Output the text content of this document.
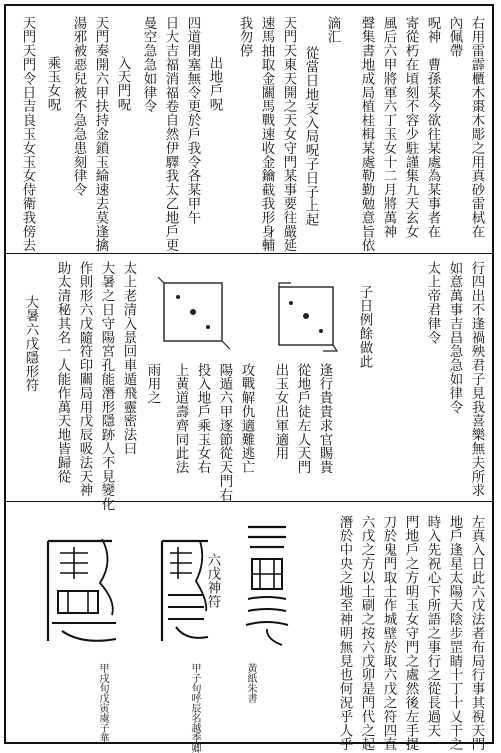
右用雷霹櫃木棗木彫之用真砂雷栻在
內佩帶
呪神　曹孫某今欲往某處為某事者在
寄從朽在頃刻不容少駐謹集九天玄女
風后六甲將軍六丁玉女十二月將萬神
聲集書地成局植桂楫某處勒勤勉意旨依
滴汇
從當日地支入局呪子日子上起
天門天東天開之天女守門某事要往嚴延
速馬抽取金關馬戰速收金鑰截我形身輔
我勿停
出地戶呪
四道閉塞無令更於戶我令各某甲午
日大吉福消福卷自然伊驛我太乙地戶更
曼空急急如律令
入天門呪
天門奏開六甲扶持金鎖玉綸速去莫逢擒
湯邪被惡兒被不急急患刻律令
乘玉女呪
天門天門令日吉良玉女玉女侍衛我傍去
行四出不逢禍殃君子見我喜樂無夫所求
如意萬事吉昌急急如律令
太上帝君律令
子日例餘做此
逢行貴貴求官賜貴
從地戶徒左人天門
出玉女出軍適用
攻戰解仇適難逃亡
陽遁六甲逐節從天門右
投入地戶乘玉女右
上黃道壽齊同此法
雨用之
太上老清入景回車遁飛靈密法曰
大暑之日守陽宮孔能潛形隱跡人不見變化
作則形六戊隨符印關局用戊辰吸法天神
助太清秘其名一人能作萬天地皆歸從
大暑六戊隱形符
左真入日此六戊法者布局行事其視天門
地戶逢星太陽天陰步罡睛十丁十乂干之
時入先祝心下所語之事行之從長過天
門地戶之方明玉女守門之處然後左手提
刀於鬼門取土作城壁於取六戊之符四直
六戊之方以土刷之按六戊卯是門代之起
潛於中央之地至神明無見也何況乎人乎
六戊神符
黃紙朱書
甲子旬呼辰名越季卿
甲戌旬戊寅虞子華
